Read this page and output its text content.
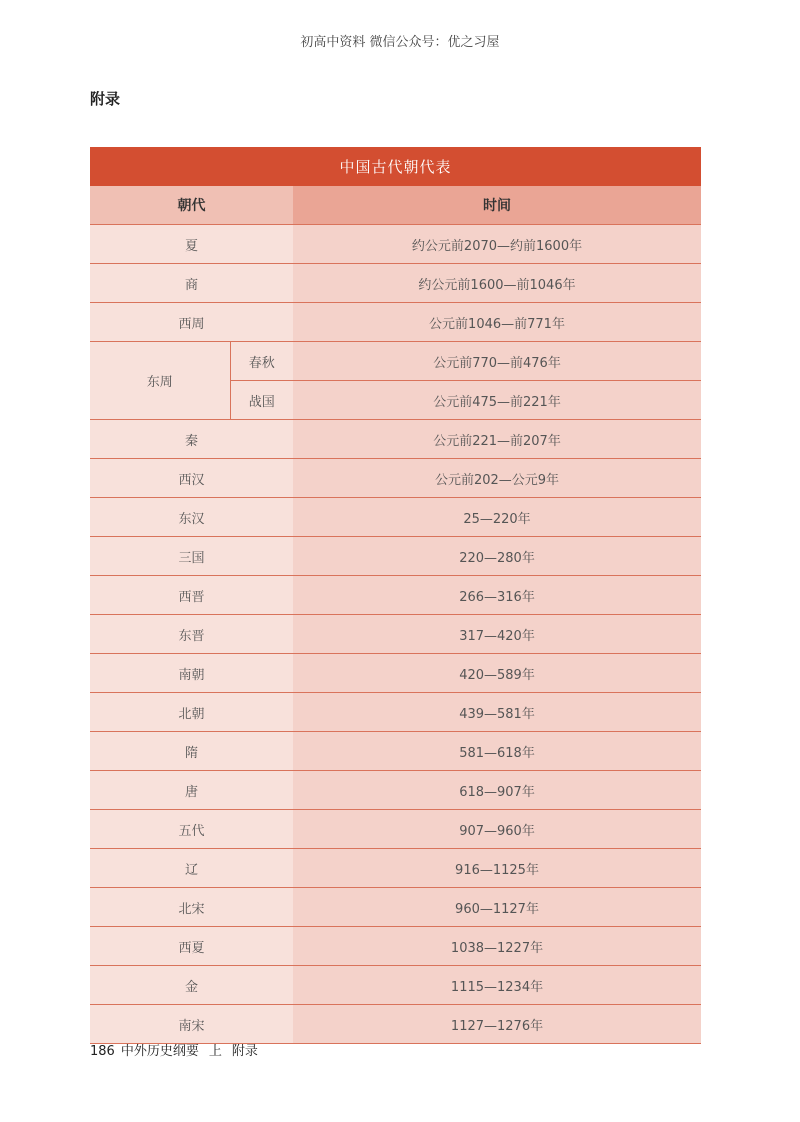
初高中资料 微信公众号：优之习屋
附录
中国古代朝代表		
朝代		时间
夏		约公元前2070—约前1600年
商		约公元前1600—前1046年
西周		公元前1046—前771年
东周	春秋	公元前770—前476年
	战国	公元前475—前221年
秦		公元前221—前207年
西汉		公元前202—公元9年
东汉		25—220年
三国		220—280年
西晋		266—316年
东晋		317—420年
南朝		420—589年
北朝		439—581年
隋		581—618年
唐		618—907年
五代		907—960年
辽		916—1125年
北宋		960—1127年
西夏		1038—1227年
金		1115—1234年
南宋		1127—1276年
186 中外历史纲要 上 附录
